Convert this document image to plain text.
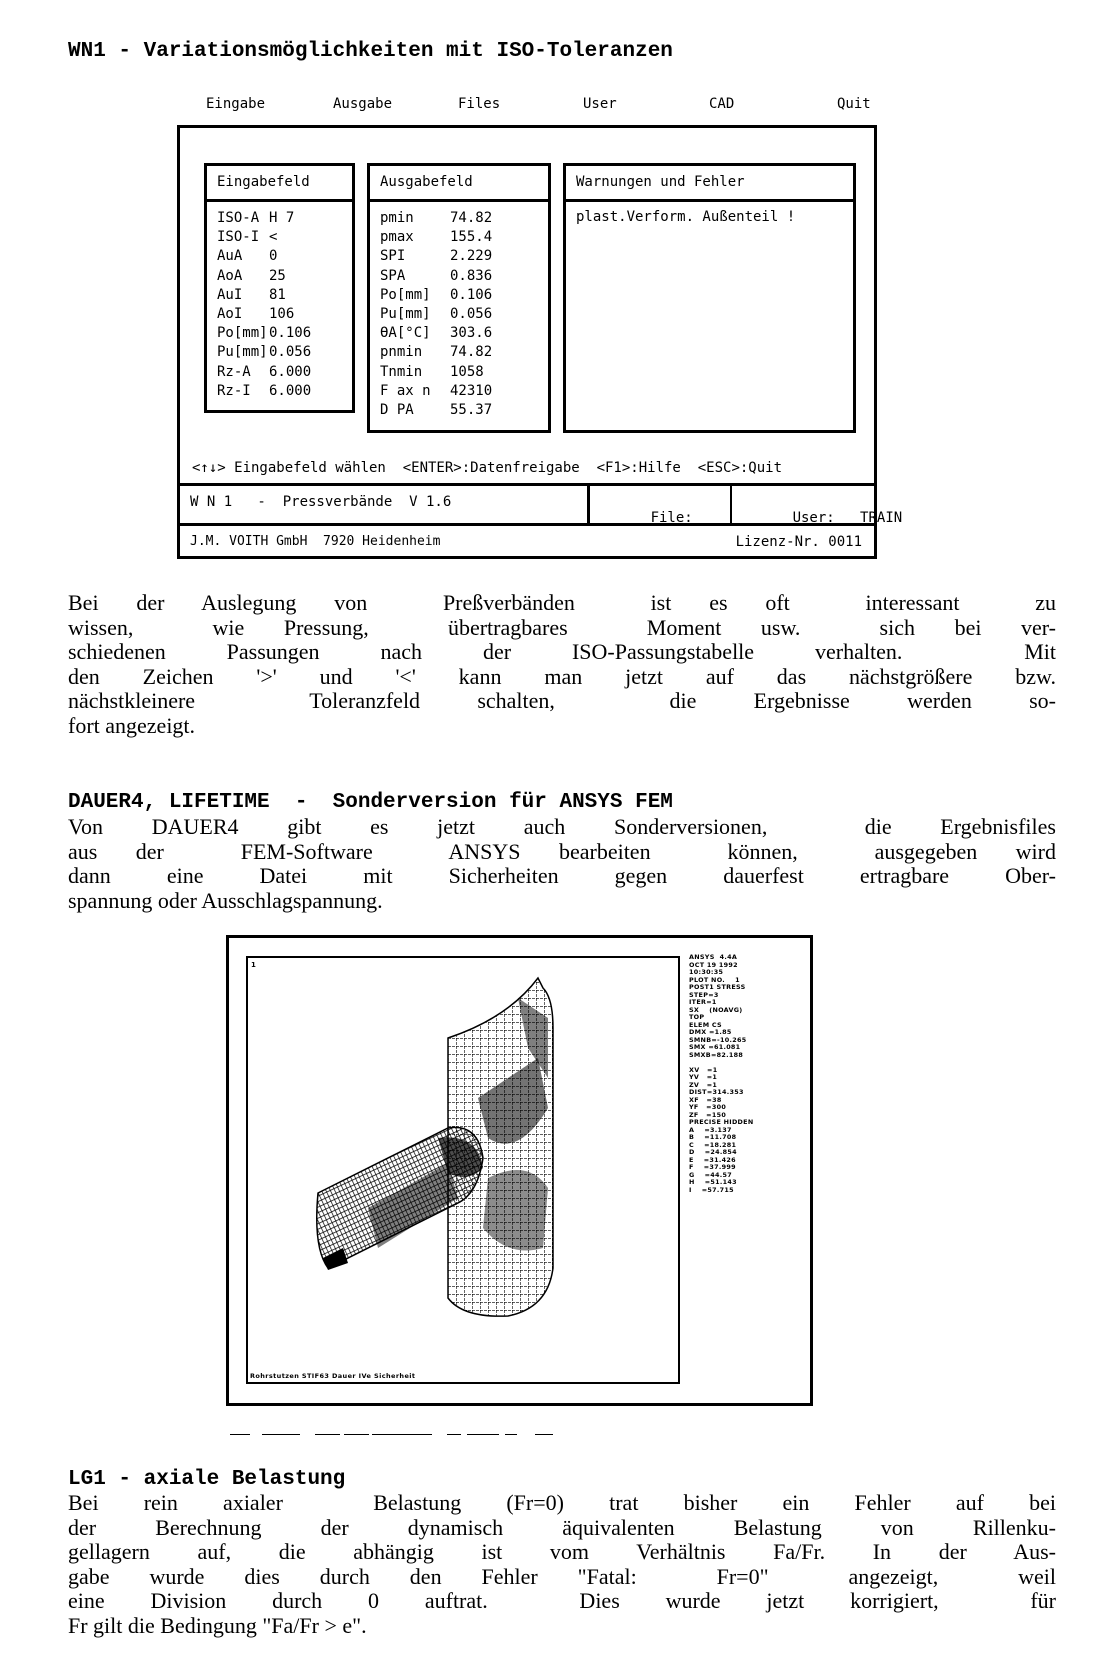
WN1 - Variationsmöglichkeiten mit ISO-Toleranzen
Eingabe	Ausgabe	Files	User	CAD	Quit

Eingabefeld

ISO-A H 7
ISO-I <
AuA 0
AoA 25
AuI 81
AoI 106
Po[mm]0.106
Pu[mm]0.056
Rz-A 6.000
Rz-I 6.000

Ausgabefeld

pmin	74.82
pmax	155.4
SPI	2.229
SPA	0.836
Po[mm] 0.106
Pu[mm] 0.056
ϴA[°C] 303.6
pnmin 74.82
Tnmin 1058
F ax n 42310
D PA	55.37

Warnungen und Fehler

plast.Verform. Außenteil !

<↑↓> Eingabefeld wählen  <ENTER>:Datenfreigabe  <F1>:Hilfe  <ESC>:Quit

W N 1   -  Pressverbände  V 1.6

File:

	User: TRAIN

J.M. VOITH GmbH  7920 Heidenheim

	Lizenz-Nr. 0011

Bei der Auslegung von  Preßverbänden  ist es oft  interessant  zu
wissen,  wie Pressung,  übertragbares  Moment usw.  sich bei ver-
schiedenen Passungen nach der ISO-Passungstabelle verhalten.  Mit
den Zeichen '>' und '<' kann man jetzt auf das nächstgrößere bzw.
nächstkleinere  Toleranzfeld schalten,  die Ergebnisse werden so-
fort angezeigt.
DAUER4, LIFETIME  -  Sonderversion für ANSYS FEM
Von DAUER4 gibt es jetzt auch Sonderversionen,  die Ergebnisfiles
aus der  FEM-Software  ANSYS bearbeiten  können,  ausgegeben wird
dann eine Datei mit Sicherheiten gegen dauerfest ertragbare Ober-
spannung oder Ausschlagspannung.
1
Rohrstutzen STIF63 Dauer IVe Sicherheit
ANSYS  4.4A
OCT 19 1992
10:30:35
PLOT NO.    1
POST1 STRESS
STEP=3
ITER=1
SX    (NOAVG)
TOP
ELEM CS
DMX =1.85
SMNB=-10.265
SMX =61.081
SMXB=82.188
XV   =1
YV   =1
ZV   =1
DIST=314.353
XF   =38
YF   =300
ZF   =150
PRECISE HIDDEN
A    =3.137
B    =11.708
C    =18.281
D    =24.854
E    =31.426
F    =37.999
G    =44.57
H    =51.143
I    =57.715
LG1 - axiale Belastung
Bei rein axialer  Belastung (Fr=0) trat bisher ein Fehler auf bei
der Berechnung der dynamisch äquivalenten Belastung von Rillenku-
gellagern auf, die abhängig ist vom Verhältnis Fa/Fr. In der Aus-
gabe wurde dies durch den Fehler "Fatal:  Fr=0"  angezeigt,  weil
eine Division durch 0 auftrat.  Dies wurde jetzt korrigiert,  für
Fr gilt die Bedingung "Fa/Fr > e".
